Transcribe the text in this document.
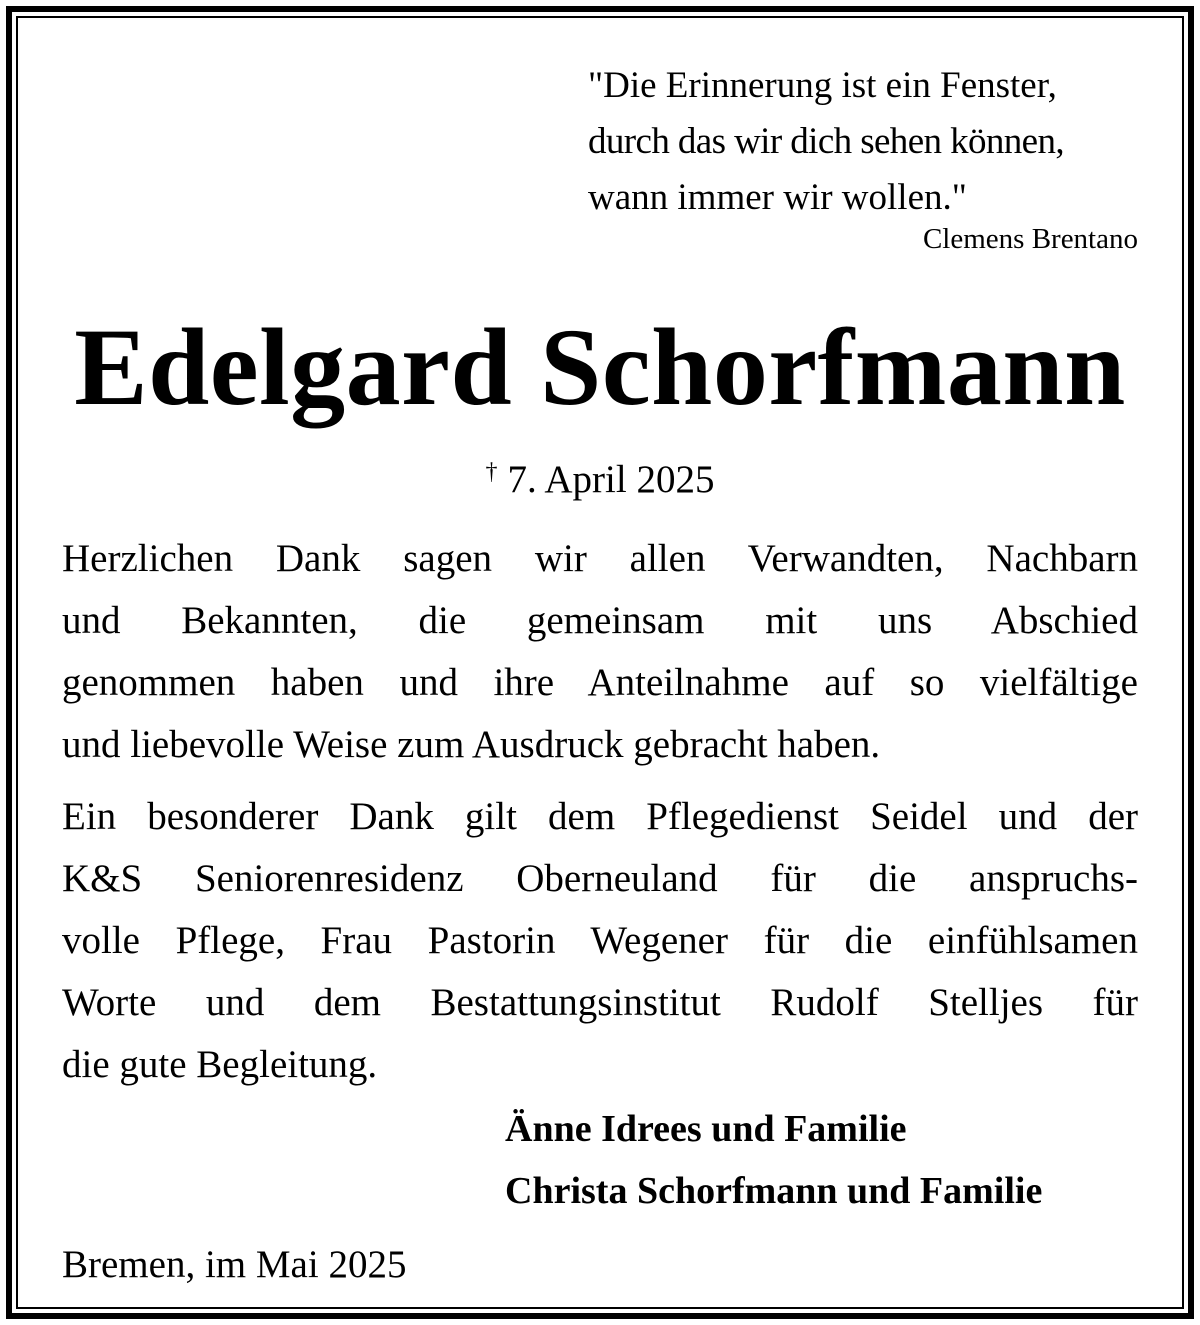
"Die Erinnerung ist ein Fenster,
durch das wir dich sehen können,
wann immer wir wollen."
Clemens Brentano
Edelgard Schorfmann
† 7. April 2025
Herzlichen Dank sagen wir allen Verwandten, Nachbarn
und Bekannten, die gemeinsam mit uns Abschied
genommen haben und ihre Anteilnahme auf so vielfältige
und liebevolle Weise zum Ausdruck gebracht haben.
Ein besonderer Dank gilt dem Pflegedienst Seidel und der
K&S Seniorenresidenz Oberneuland für die anspruchs-
volle Pflege, Frau Pastorin Wegener für die einfühlsamen
Worte und dem Bestattungsinstitut Rudolf Stelljes für
die gute Begleitung.
Änne Idrees und Familie
Christa Schorfmann und Familie
Bremen, im Mai 2025
